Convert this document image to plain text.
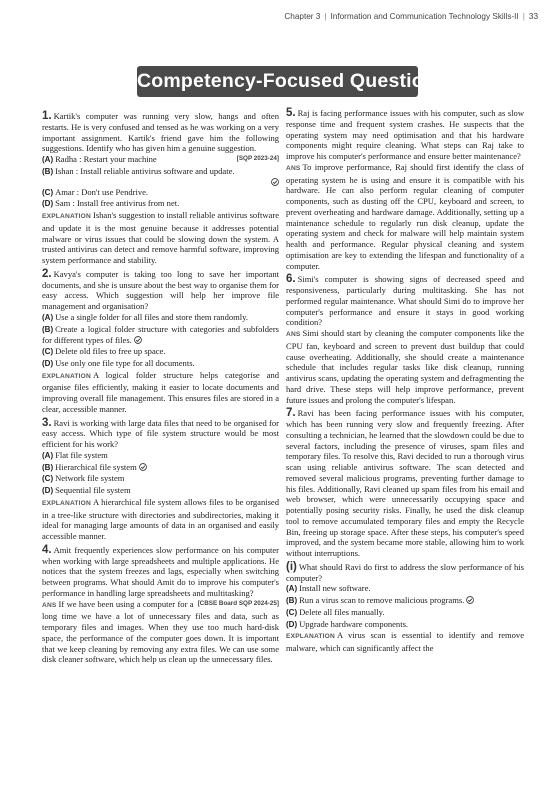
Chapter 3 | Information and Communication Technology Skills-II | 33
Competency-Focused Questions

1. Kartik's computer was running very slow, hangs and often restarts. He is very confused and tensed as he was working on a very important assignment. Kartik's friend gave him the following suggestions. Identify who has given him a genuine suggestion.
[SQP 2023-24]

(A) Radha : Restart your machine

(B) Ishan : Install reliable antivirus software and update.

(C) Amar : Don't use Pendrive.

(D) Sam : Install free antivirus from net.

EXPLANATION Ishan's suggestion to install reliable antivirus software and update it is the most genuine because it addresses potential malware or virus issues that could be slowing down the system. A trusted antivirus can detect and remove harmful software, improving system performance and stability.

2. Kavya's computer is taking too long to save her important documents, and she is unsure about the best way to organise them for easy access. Which suggestion will help her improve file management and organisation?

(A) Use a single folder for all files and store them randomly.

(B) Create a logical folder structure with categories and subfolders for different types of files.

(C) Delete old files to free up space.

(D) Use only one file type for all documents.

EXPLANATION A logical folder structure helps categorise and organise files efficiently, making it easier to locate documents and improving overall file management. This ensures files are stored in a clear, accessible manner.

3. Ravi is working with large data files that need to be organised for easy access. Which type of file system structure would be most efficient for his work?

(A) Flat file system

(B) Hierarchical file system

(C) Network file system

(D) Sequential file system

EXPLANATION A hierarchical file system allows files to be organised in a tree-like structure with directories and subdirectories, making it ideal for managing large amounts of data in an organised and easily accessible manner.

4. Amit frequently experiences slow performance on his computer when working with large spreadsheets and multiple applications. He notices that the system freezes and lags, especially when switching between programs. What should Amit do to improve his computer's performance in handling large spreadsheets and multitasking?
[CBSE Board SQP 2024-25]

ANS If we have been using a computer for a long time we have a lot of unnecessary files and data, such as temporary files and images. When they use too much hard-disk space, the performance of the computer goes down. It is important that we keep cleaning by removing any extra files. We can use some disk cleaner software, which help us clean up the unnecessary files.

5. Raj is facing performance issues with his computer, such as slow response time and frequent system crashes. He suspects that the operating system may need optimisation and that his hardware components might require cleaning. What steps can Raj take to improve his computer's performance and ensure better maintenance?

ANS To improve performance, Raj should first identify the class of operating system he is using and ensure it is compatible with his hardware. He can also perform regular cleaning of computer components, such as dusting off the CPU, keyboard and screen, to prevent overheating and hardware damage. Additionally, setting up a maintenance schedule to regularly run disk cleanup, update the operating system and check for malware will help maintain system health and performance. Regular physical cleaning and system optimisation are key to extending the lifespan and functionality of a computer.

6. Simi's computer is showing signs of decreased speed and responsiveness, particularly during multitasking. She has not performed regular maintenance. What should Simi do to improve her computer's performance and ensure it stays in good working condition?

ANS Simi should start by cleaning the computer components like the CPU fan, keyboard and screen to prevent dust buildup that could cause overheating. Additionally, she should create a maintenance schedule that includes regular tasks like disk cleanup, running antivirus scans, updating the operating system and defragmenting the hard drive. These steps will help improve performance, prevent future issues and prolong the computer's lifespan.

7. Ravi has been facing performance issues with his computer, which has been running very slow and frequently freezing. After consulting a technician, he learned that the slowdown could be due to several factors, including the presence of viruses, spam files and temporary files. To resolve this, Ravi decided to run a thorough virus scan using reliable antivirus software. The scan detected and removed several malicious programs, preventing further damage to his files. Additionally, Ravi cleaned up spam files from his email and web browser, which were unnecessarily occupying space and potentially posing security risks. Finally, he used the disk cleanup tool to remove accumulated temporary files and empty the Recycle Bin, freeing up storage space. After these steps, his computer's speed improved, and the system became more stable, allowing him to work without interruptions.

(i) What should Ravi do first to address the slow performance of his computer?

(A) Install new software.

(B) Run a virus scan to remove malicious programs.

(C) Delete all files manually.

(D) Upgrade hardware components.

EXPLANATION A virus scan is essential to identify and remove malware, which can significantly affect the
